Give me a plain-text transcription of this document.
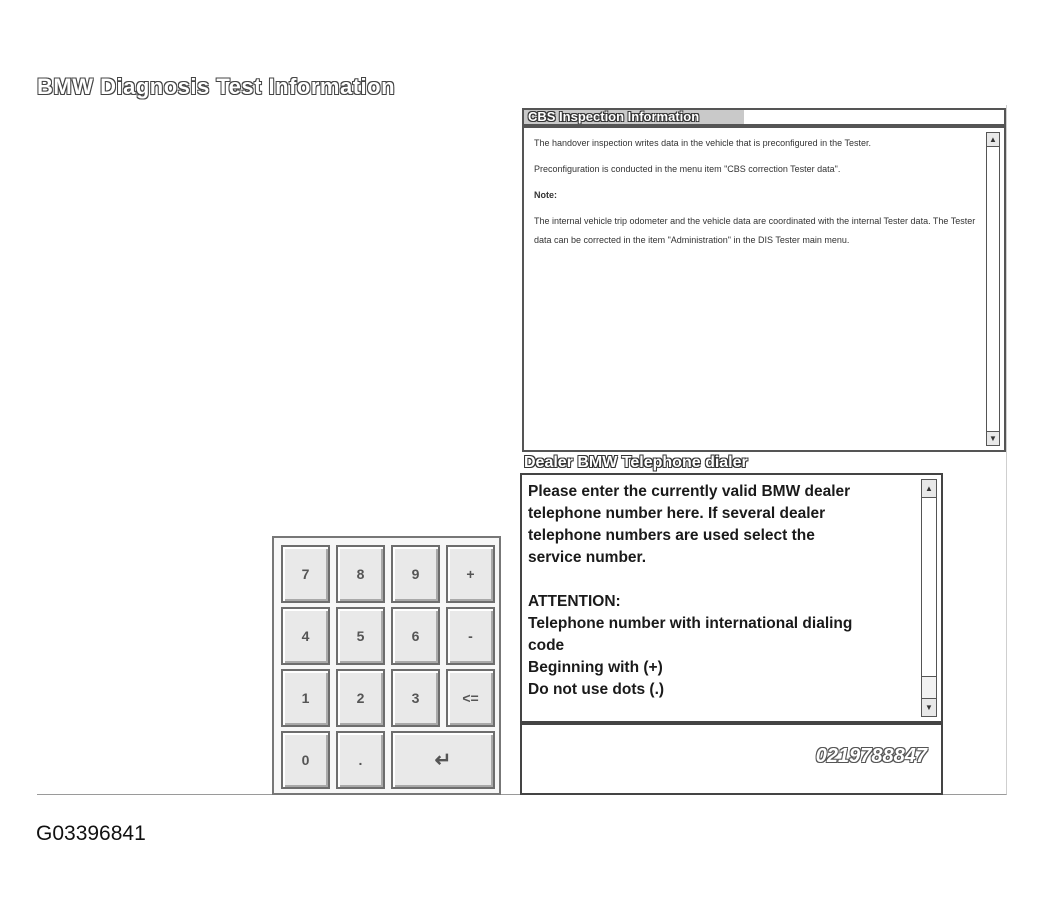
BMW Diagnosis Test Information
CBS Inspection Information

The handover inspection writes data in the vehicle that is preconfigured in the Tester.

Preconfiguration is conducted in the menu item "CBS correction Tester data".

Note:

The internal vehicle trip odometer and the vehicle data are coordinated with the internal Tester data. The Tester data can be corrected in the item "Administration" in the DIS Tester main menu.

▲
▼
Dealer BMW Telephone dialer
Please enter the currently valid BMW dealer
telephone number here. If several dealer
telephone numbers are used select the
service number.
ATTENTION:
Telephone number with international dialing
code
Beginning with (+)
Do not use dots (.)
▲
▼
0219788847
7	8	9	+
4	5	6	-
1	2	3	<=
0	.	↵
G03396841
